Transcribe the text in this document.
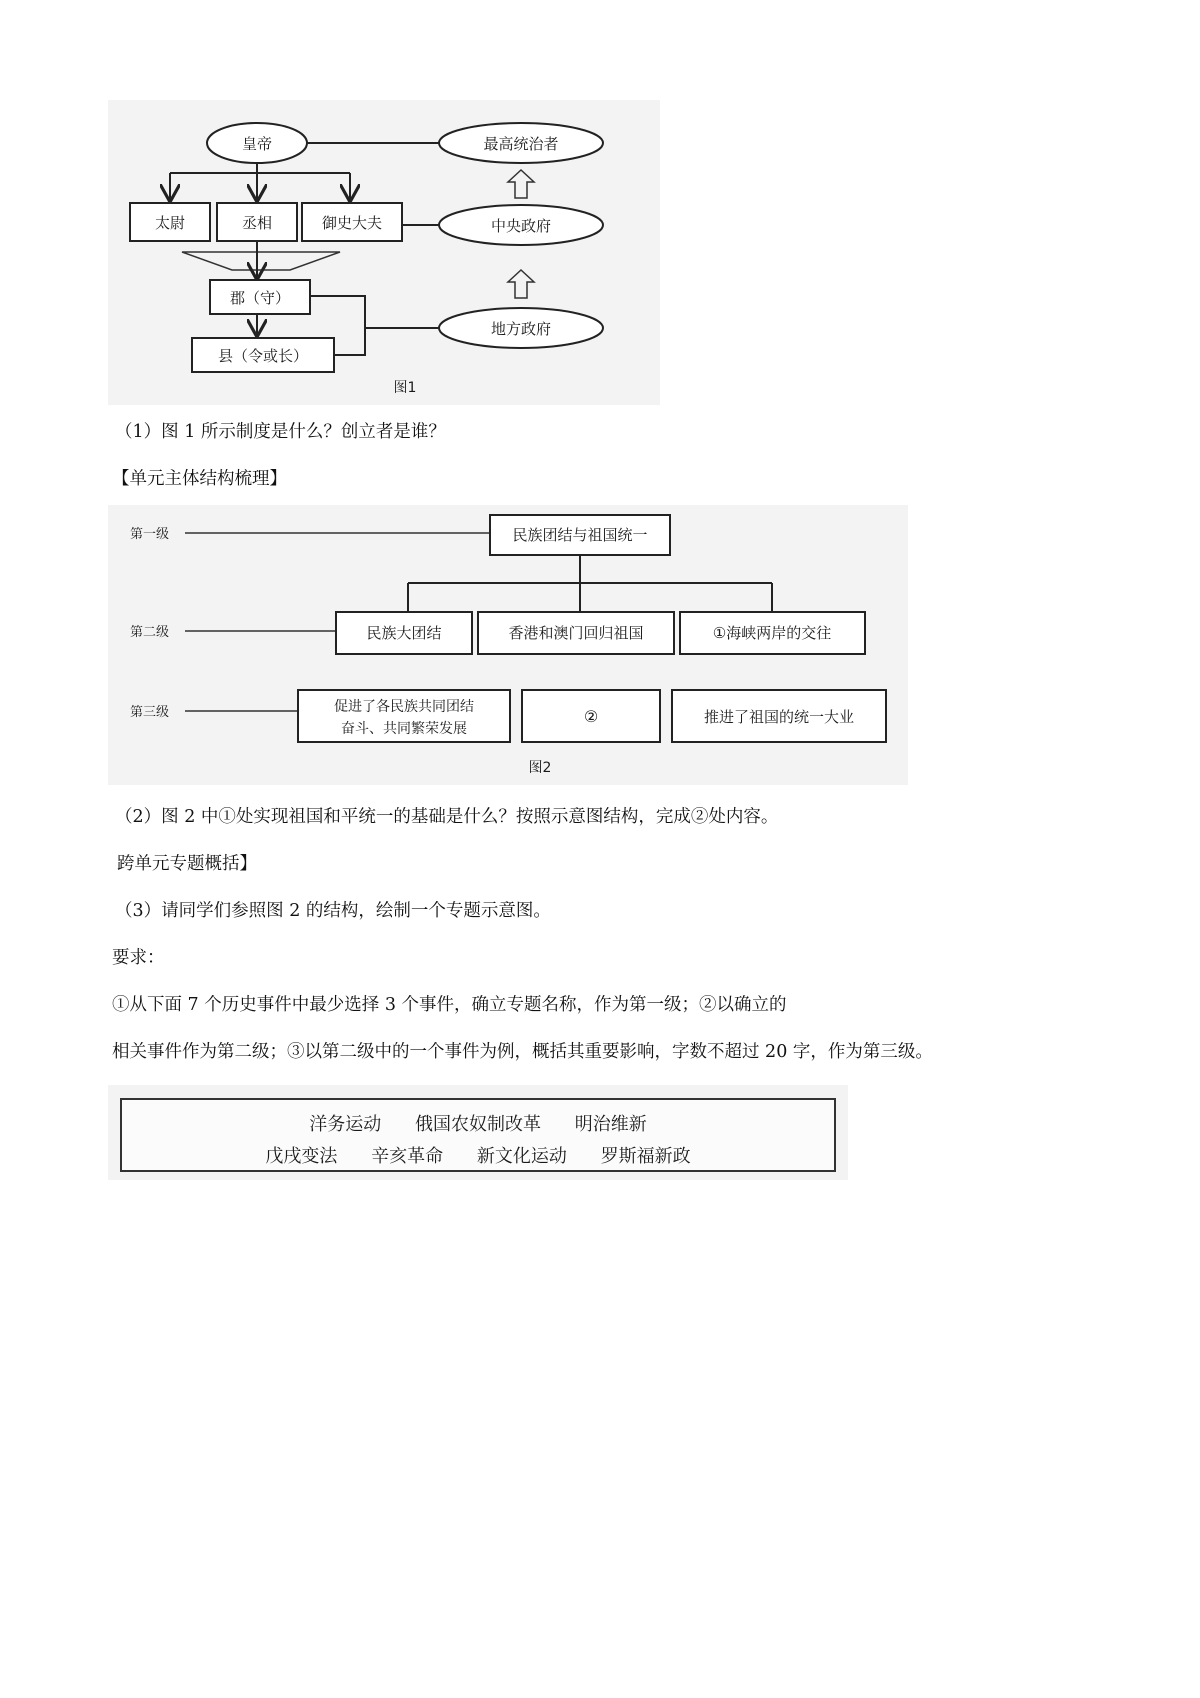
皇帝	最高统治者
太尉	丞相	御史大夫	中央政府
郡（守）
县（令或长）
地方政府
图1
（1）图 1 所示制度是什么？创立者是谁？
【单元主体结构梳理】
第一级
第二级
第三级
民族团结与祖国统一
民族大团结	香港和澳门回归祖国	①海峡两岸的交往
促进了各民族共同团结
奋斗、共同繁荣发展
②	推进了祖国的统一大业
图2
（2）图 2 中①处实现祖国和平统一的基础是什么？按照示意图结构，完成②处内容。
跨单元专题概括】
（3）请同学们参照图 2 的结构，绘制一个专题示意图。
要求：
①从下面 7 个历史事件中最少选择 3 个事件，确立专题名称，作为第一级；②以确立的
相关事件作为第二级；③以第二级中的一个事件为例，概括其重要影响，字数不超过 20 字，作为第三级。
洋务运动 俄国农奴制改革 明治维新
戊戌变法 辛亥革命 新文化运动 罗斯福新政
